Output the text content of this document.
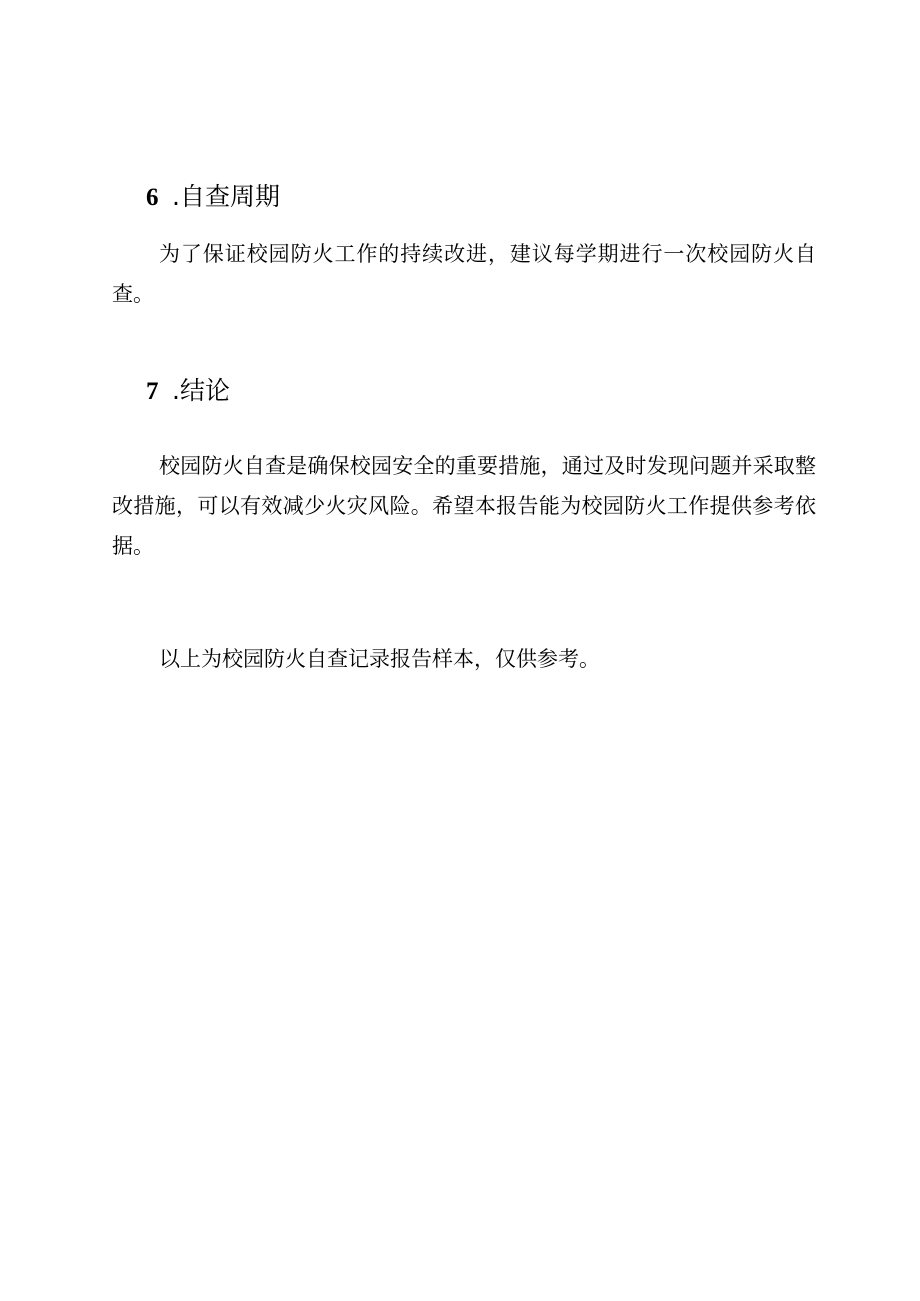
6 .自查周期

为了保证校园防火工作的持续改进，建议每学期进行一次校园防火自查。

7 .结论

校园防火自查是确保校园安全的重要措施，通过及时发现问题并采取整改措施，可以有效减少火灾风险。希望本报告能为校园防火工作提供参考依据。

以上为校园防火自查记录报告样本，仅供参考。
